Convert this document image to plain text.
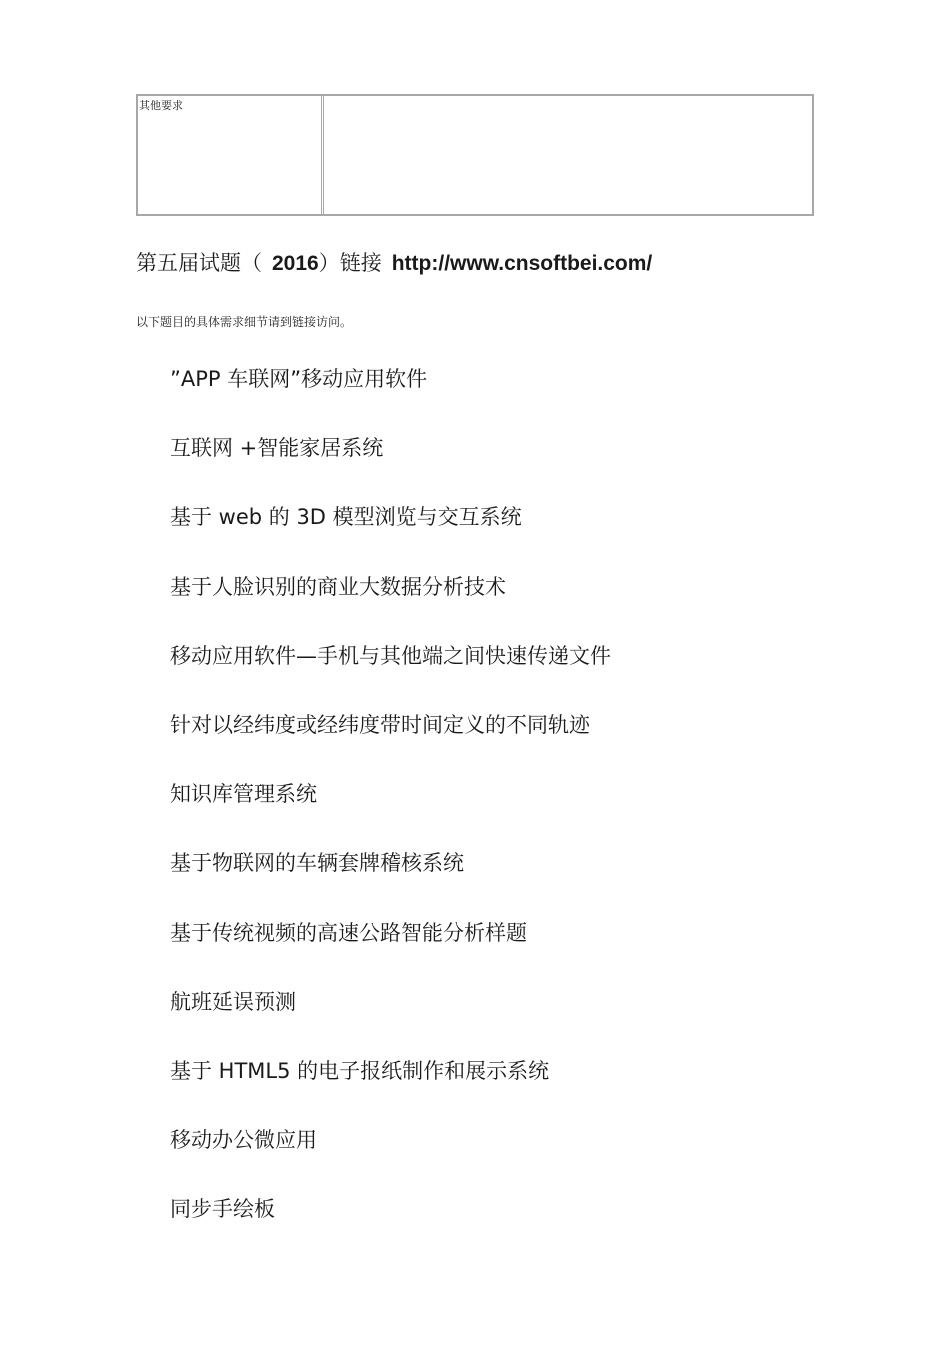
其他要求
第五届试题（ 2016）链接 http://www.cnsoftbei.com/
以下题目的具体需求细节请到链接访问。
”APP 车联网”移动应用软件
互联网 +智能家居系统
基于 web 的 3D 模型浏览与交互系统
基于人脸识别的商业大数据分析技术
移动应用软件—手机与其他端之间快速传递文件
针对以经纬度或经纬度带时间定义的不同轨迹
知识库管理系统
基于物联网的车辆套牌稽核系统
基于传统视频的高速公路智能分析样题
航班延误预测
基于 HTML5 的电子报纸制作和展示系统
移动办公微应用
同步手绘板
